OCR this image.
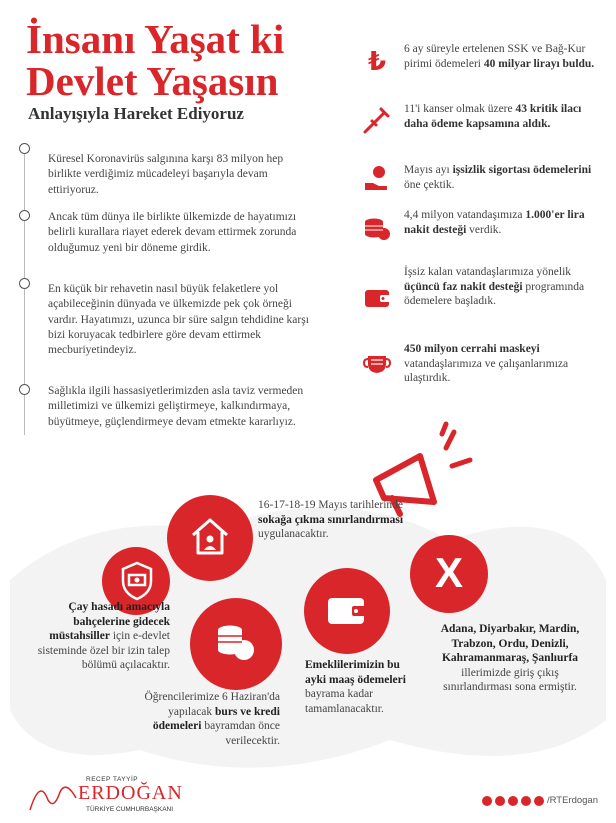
İnsanı Yaşat ki
Devlet Yaşasın
Anlayışıyla Hareket Ediyoruz
Küresel Koronavirüs salgınına karşı 83 milyon hep birlikte verdiğimiz mücadeleyi başarıyla devam ettiriyoruz.
Ancak tüm dünya ile birlikte ülkemizde de hayatımızı belirli kurallara riayet ederek devam ettirmek zorunda olduğumuz yeni bir döneme girdik.
En küçük bir rehavetin nasıl büyük felaketlere yol açabileceğinin dünyada ve ülkemizde pek çok örneği vardır. Hayatımızı, uzunca bir süre salgın tehdidine karşı bizi koruyacak tedbirlere göre devam ettirmek mecburiyetindeyiz.
Sağlıkla ilgili hassasiyetlerimizden asla taviz vermeden milletimizi ve ülkemizi geliştirmeye, kalkındırmaya, büyütmeye, güçlendirmeye devam etmekte kararlıyız.
₺ 6 ay süreyle ertelenen SSK ve Bağ-Kur pirimi ödemeleri 40 milyar lirayı buldu.
11'i kanser olmak üzere 43 kritik ilacı daha ödeme kapsamına aldık.
Mayıs ayı işsizlik sigortası ödemelerini öne çektik.
4,4 milyon vatandaşımıza 1.000'er lira nakit desteği verdik.
İşsiz kalan vatandaşlarımıza yönelik üçüncü faz nakit desteği programında ödemelere başladık.
450 milyon cerrahi maskeyi vatandaşlarımıza ve çalışanlarımıza ulaştırdık.
X
16-17-18-19 Mayıs tarihlerinde sokağa çıkma sınırlandırması uygulanacaktır.
Çay hasadı amacıyla bahçelerine gidecek müstahsiller için e-devlet sisteminde özel bir izin talep bölümü açılacaktır.
Öğrencilerimize 6 Haziran'da yapılacak burs ve kredi ödemeleri bayramdan önce verilecektir.
Emeklilerimizin bu ayki maaş ödemeleri bayrama kadar tamamlanacaktır.
Adana, Diyarbakır, Mardin, Trabzon, Ordu, Denizli, Kahramanmaraş, Şanlıurfa illerimizde giriş çıkış sınırlandırması sona ermiştir.
RECEP TAYYİP
ERDOĞAN
TÜRKİYE CUMHURBAŞKANI
/RTErdogan
